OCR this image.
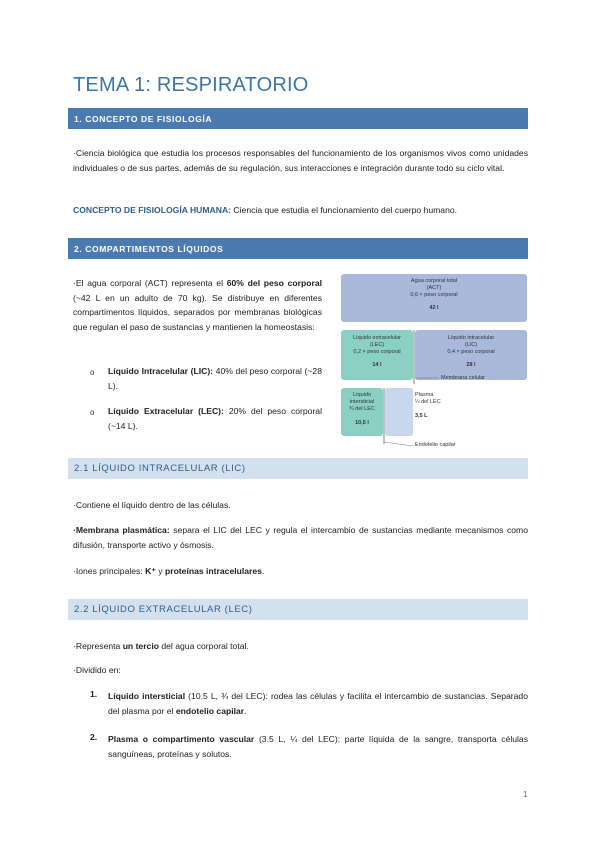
TEMA 1: RESPIRATORIO
1. CONCEPTO DE FISIOLOGÍA
·Ciencia biológica que estudia los procesos responsables del funcionamiento de los organismos vivos como unidades individuales o de sus partes, además de su regulación, sus interacciones e integración durante todo su ciclo vital.
CONCEPTO DE FISIOLOGÍA HUMANA: Ciencia que estudia el funcionamiento del cuerpo humano.
2. COMPARTIMENTOS LÍQUIDOS
·El agua corporal (ACT) representa el 60% del peso corporal (~42 L en un adulto de 70 kg). Se distribuye en diferentes compartimentos líquidos, separados por membranas biológicas que regulan el paso de sustancias y mantienen la homeostasis:
o Líquido Intracelular (LIC): 40% del peso corporal (~28 L).
o Líquido Extracelular (LEC): 20% del peso corporal (~14 L).
Agua corporal total
(ACT)
0,6 × peso corporal
42 l
Líquido extracelular
(LEC)
0,2 × peso corporal
14 l
Líquido intracelular
(LIC)
0,4 × peso corporal
28 l
Membrana celular
Líquido intersticial
¾ del LEC
10,5 l
Plasma
¼ del LEC
3,5 L
Endotelio capilar
2.1 LÍQUIDO INTRACELULAR (LIC)
·Contiene el líquido dentro de las células.
·Membrana plasmática: separa el LIC del LEC y regula el intercambio de sustancias mediante mecanismos como difusión, transporte activo y ósmosis.
·Iones principales: K⁺ y proteínas intracelulares.
2.2 LÍQUIDO EXTRACELULAR (LEC)
·Representa un tercio del agua corporal total.
·Dividido en:
1. Líquido intersticial (10.5 L, ¾ del LEC): rodea las células y facilita el intercambio de sustancias. Separado del plasma por el endotelio capilar.
2. Plasma o compartimento vascular (3.5 L, ¼ del LEC): parte líquida de la sangre, transporta células sanguíneas, proteínas y solutos.
1
